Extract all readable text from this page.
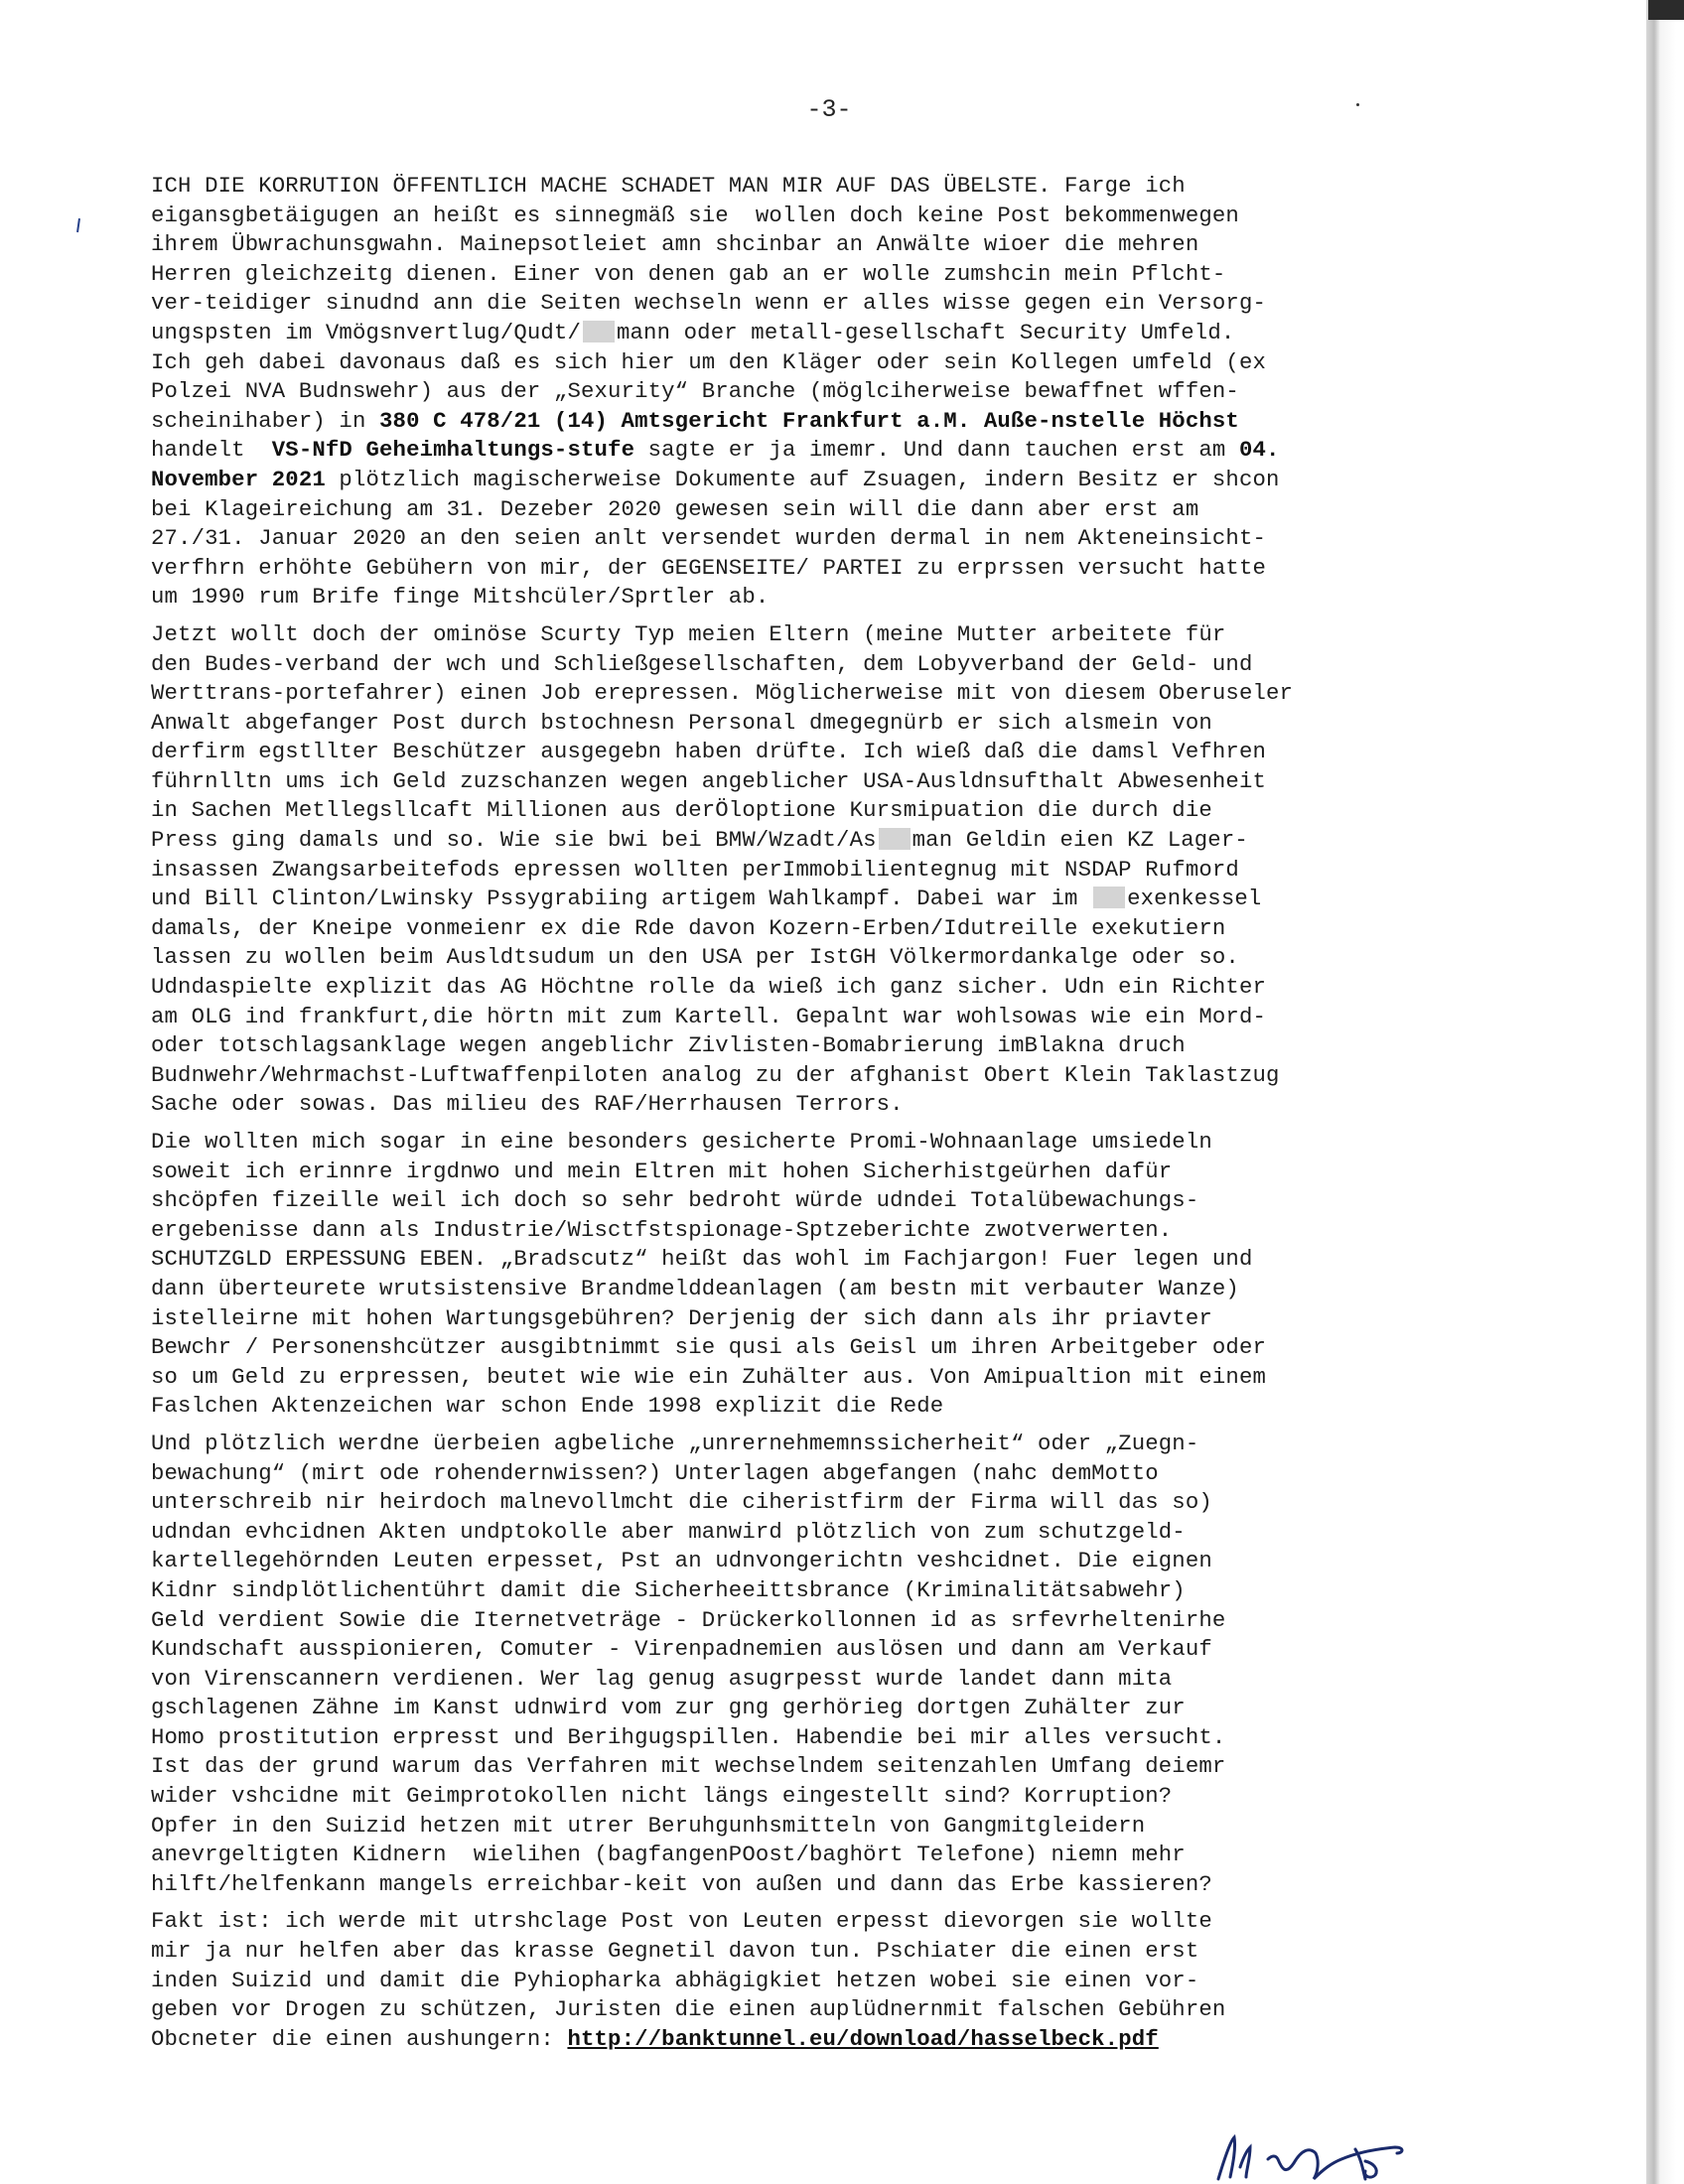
-3-
ICH DIE KORRUTION ÖFFENTLICH MACHE SCHADET MAN MIR AUF DAS ÜBELSTE. Farge ich
eigansgbetäigugen an heißt es sinnegmäß sie  wollen doch keine Post bekommenwegen
ihrem Übwrachunsgwahn. Mainepsotleiet amn shcinbar an Anwälte wioer die mehren
Herren gleichzeitg dienen. Einer von denen gab an er wolle zumshcin mein Pflcht-
ver-teidiger sinudnd ann die Seiten wechseln wenn er alles wisse gegen ein Versorg-
ungspsten im Vmögsnvertlug/Qudt/ mann oder metall-gesellschaft Security Umfeld.
Ich geh dabei davonaus daß es sich hier um den Kläger oder sein Kollegen umfeld (ex
Polzei NVA Budnswehr) aus der „Sexurity“ Branche (möglciherweise bewaffnet wffen-
scheinihaber) in 380 C 478/21 (14) Amtsgericht Frankfurt a.M. Auße-nstelle Höchst
handelt  VS-NfD Geheimhaltungs-stufe sagte er ja imemr. Und dann tauchen erst am 04.
November 2021 plötzlich magischerweise Dokumente auf Zsuagen, indern Besitz er shcon
bei Klageireichung am 31. Dezeber 2020 gewesen sein will die dann aber erst am
27./31. Januar 2020 an den seien anlt versendet wurden dermal in nem Akteneinsicht-
verfhrn erhöhte Gebühern von mir, der GEGENSEITE/ PARTEI zu erprssen versucht hatte
um 1990 rum Brife finge Mitshcüler/Sprtler ab.
Jetzt wollt doch der ominöse Scurty Typ meien Eltern (meine Mutter arbeitete für
den Budes-verband der wch und Schließgesellschaften, dem Lobyverband der Geld- und
Werttrans-portefahrer) einen Job erepressen. Möglicherweise mit von diesem Oberuseler
Anwalt abgefanger Post durch bstochnesn Personal dmegegnürb er sich alsmein von
derfirm egstllter Beschützer ausgegebn haben drüfte. Ich wieß daß die damsl Vefhren
führnlltn ums ich Geld zuzschanzen wegen angeblicher USA-Ausldnsufthalt Abwesenheit
in Sachen Metllegsllcaft Millionen aus derÖloptione Kursmipuation die durch die
Press ging damals und so. Wie sie bwi bei BMW/Wzadt/As man Geldin eien KZ Lager-
insassen Zwangsarbeitefods epressen wollten perImmobilientegnug mit NSDAP Rufmord
und Bill Clinton/Lwinsky Pssygrabiing artigem Wahlkampf. Dabei war im exenkessel
damals, der Kneipe vonmeienr ex die Rde davon Kozern-Erben/Idutreille exekutiern
lassen zu wollen beim Ausldtsudum un den USA per IstGH Völkermordankalge oder so.
Udndaspielte explizit das AG Höchtne rolle da wieß ich ganz sicher. Udn ein Richter
am OLG ind frankfurt,die hörtn mit zum Kartell. Gepalnt war wohlsowas wie ein Mord-
oder totschlagsanklage wegen angeblichr Zivlisten-Bomabrierung imBlakna druch
Budnwehr/Wehrmachst-Luftwaffenpiloten analog zu der afghanist Obert Klein Taklastzug
Sache oder sowas. Das milieu des RAF/Herrhausen Terrors.
Die wollten mich sogar in eine besonders gesicherte Promi-Wohnaanlage umsiedeln
soweit ich erinnre irgdnwo und mein Eltren mit hohen Sicherhistgeürhen dafür
shcöpfen fizeille weil ich doch so sehr bedroht würde udndei Totalübewachungs-
ergebenisse dann als Industrie/Wisctfstspionage-Sptzeberichte zwotverwerten.
SCHUTZGLD ERPESSUNG EBEN. „Bradscutz“ heißt das wohl im Fachjargon! Fuer legen und
dann überteurete wrutsistensive Brandmelddeanlagen (am bestn mit verbauter Wanze)
istelleirne mit hohen Wartungsgebühren? Derjenig der sich dann als ihr priavter
Bewchr / Personenshcützer ausgibtnimmt sie qusi als Geisl um ihren Arbeitgeber oder
so um Geld zu erpressen, beutet wie wie ein Zuhälter aus. Von Amipualtion mit einem
Faslchen Aktenzeichen war schon Ende 1998 explizit die Rede
Und plötzlich werdne üerbeien agbeliche „unrernehmemnssicherheit“ oder „Zuegn-
bewachung“ (mirt ode rohendernwissen?) Unterlagen abgefangen (nahc demMotto
unterschreib nir heirdoch malnevollmcht die ciheristfirm der Firma will das so)
udndan evhcidnen Akten undptokolle aber manwird plötzlich von zum schutzgeld-
kartellegehörnden Leuten erpesset, Pst an udnvongerichtn veshcidnet. Die eignen
Kidnr sindplötlichentührt damit die Sicherheeittsbrance (Kriminalitätsabwehr)
Geld verdient Sowie die Iternetveträge - Drückerkollonnen id as srfevrheltenirhe
Kundschaft ausspionieren, Comuter - Virenpadnemien auslösen und dann am Verkauf
von Virenscannern verdienen. Wer lag genug asugrpesst wurde landet dann mita
gschlagenen Zähne im Kanst udnwird vom zur gng gerhörieg dortgen Zuhälter zur
Homo prostitution erpresst und Berihgugspillen. Habendie bei mir alles versucht.
Ist das der grund warum das Verfahren mit wechselndem seitenzahlen Umfang deiemr
wider vshcidne mit Geimprotokollen nicht längs eingestellt sind? Korruption?
Opfer in den Suizid hetzen mit utrer Beruhgunhsmitteln von Gangmitgleidern
anevrgeltigten Kidnern  wielihen (bagfangenPOost/baghört Telefone) niemn mehr
hilft/helfenkann mangels erreichbar-keit von außen und dann das Erbe kassieren?
Fakt ist: ich werde mit utrshclage Post von Leuten erpesst dievorgen sie wollte
mir ja nur helfen aber das krasse Gegnetil davon tun. Pschiater die einen erst
inden Suizid und damit die Pyhiopharka abhägigkiet hetzen wobei sie einen vor-
geben vor Drogen zu schützen, Juristen die einen auplüdnernmit falschen Gebühren
Obcneter die einen aushungern: http://banktunnel.eu/download/hasselbeck.pdf
